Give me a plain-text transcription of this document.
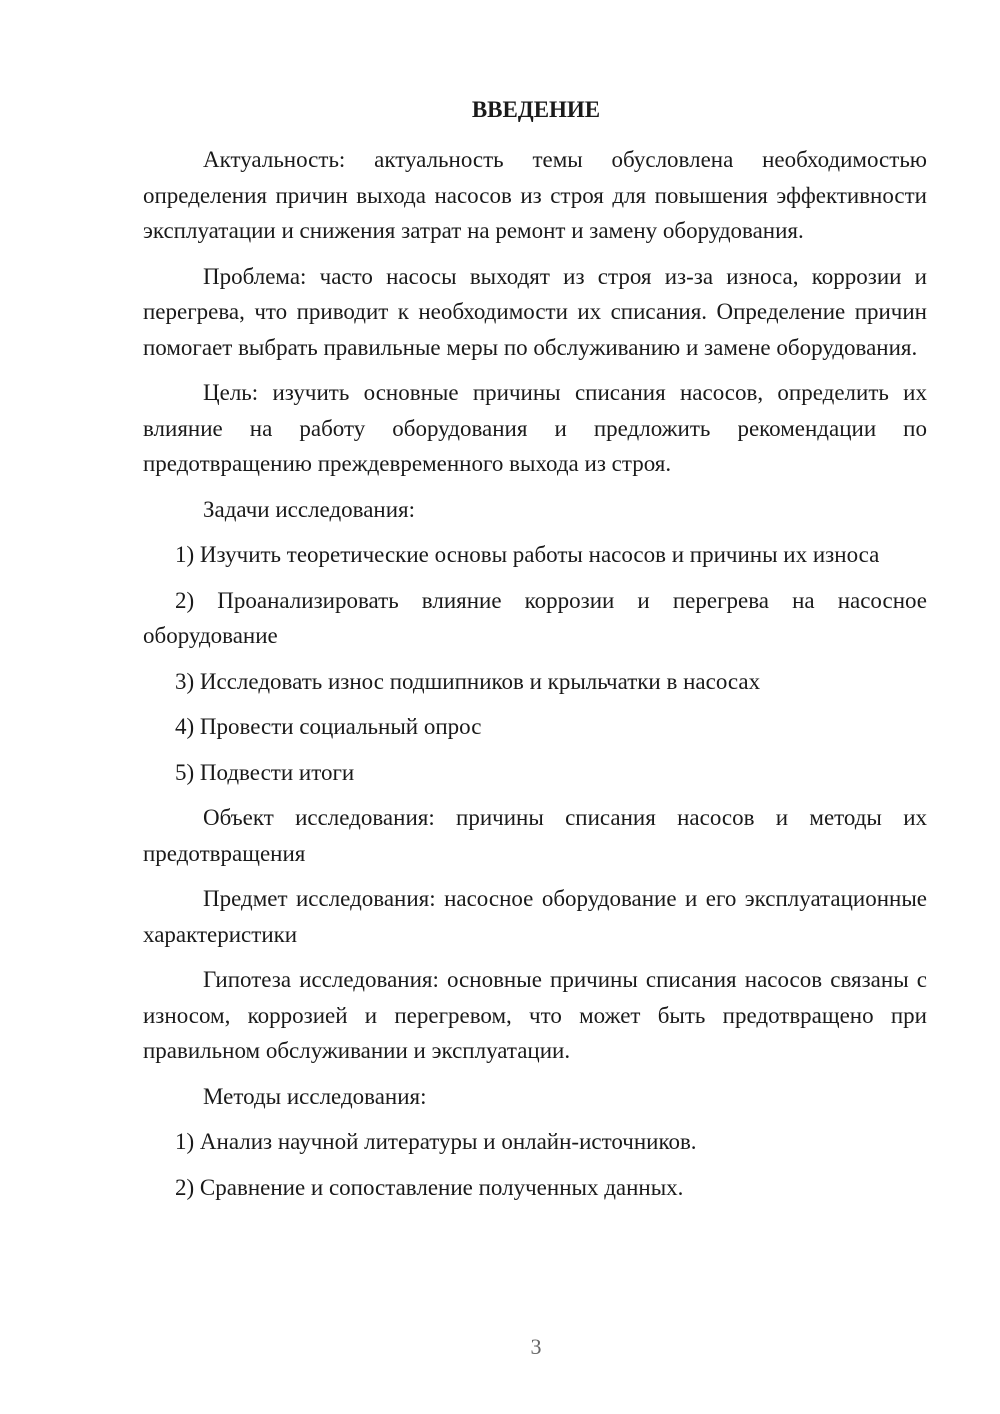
ВВЕДЕНИЕ

Актуальность: актуальность темы обусловлена необходимостью определения причин выхода насосов из строя для повышения эффективности эксплуатации и снижения затрат на ремонт и замену оборудования.

Проблема: часто насосы выходят из строя из-за износа, коррозии и перегрева, что приводит к необходимости их списания. Определение причин помогает выбрать правильные меры по обслуживанию и замене оборудования.

Цель: изучить основные причины списания насосов, определить их влияние на работу оборудования и предложить рекомендации по предотвращению преждевременного выхода из строя.

Задачи исследования:

1) Изучить теоретические основы работы насосов и причины их износа

2) Проанализировать влияние коррозии и перегрева на насосное оборудование

3) Исследовать износ подшипников и крыльчатки в насосах

4) Провести социальный опрос

5) Подвести итоги

Объект исследования: причины списания насосов и методы их предотвращения

Предмет исследования: насосное оборудование и его эксплуатационные характеристики

Гипотеза исследования: основные причины списания насосов связаны с износом, коррозией и перегревом, что может быть предотвращено при правильном обслуживании и эксплуатации.

Методы исследования:

1) Анализ научной литературы и онлайн-источников.

2) Сравнение и сопоставление полученных данных.

3
